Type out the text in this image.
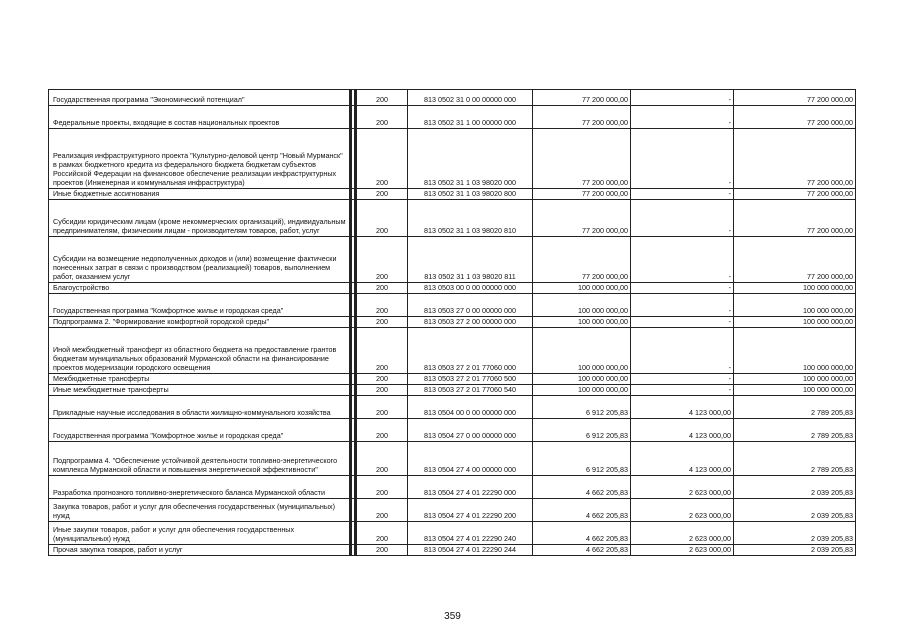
Государственная программа "Экономический потенциал"		200	813 0502 31 0 00 00000 000	77 200 000,00	-	77 200 000,00
Федеральные проекты, входящие в состав национальных проектов		200	813 0502 31 1 00 00000 000	77 200 000,00	-	77 200 000,00
Реализация инфраструктурного проекта "Культурно-деловой центр "Новый Мурманск" в рамках бюджетного кредита из федерального бюджета бюджетам субъектов Российской Федерации на финансовое обеспечение реализации инфраструктурных проектов (Инженерная и коммунальная инфраструктура)		200	813 0502 31 1 03 98020 000	77 200 000,00	-	77 200 000,00
Иные бюджетные ассигнования		200	813 0502 31 1 03 98020 800	77 200 000,00	-	77 200 000,00
Субсидии юридическим лицам (кроме некоммерческих организаций), индивидуальным предпринимателям, физическим лицам - производителям товаров, работ, услуг		200	813 0502 31 1 03 98020 810	77 200 000,00	-	77 200 000,00
Субсидии на возмещение недополученных доходов и (или) возмещение фактически понесенных затрат в связи с производством (реализацией) товаров, выполнением работ, оказанием услуг		200	813 0502 31 1 03 98020 811	77 200 000,00	-	77 200 000,00
Благоустройство		200	813 0503 00 0 00 00000 000	100 000 000,00	-	100 000 000,00
Государственная программа "Комфортное жилье и городская среда"		200	813 0503 27 0 00 00000 000	100 000 000,00	-	100 000 000,00
Подпрограмма 2. "Формирование комфортной городской среды"		200	813 0503 27 2 00 00000 000	100 000 000,00	-	100 000 000,00
Иной межбюджетный трансферт из областного бюджета на предоставление грантов бюджетам муниципальных образований Мурманской области на финансирование проектов модернизации городского освещения		200	813 0503 27 2 01 77060 000	100 000 000,00	-	100 000 000,00
Межбюджетные трансферты		200	813 0503 27 2 01 77060 500	100 000 000,00	-	100 000 000,00
Иные межбюджетные трансферты		200	813 0503 27 2 01 77060 540	100 000 000,00	-	100 000 000,00
Прикладные научные исследования в области жилищно-коммунального хозяйства		200	813 0504 00 0 00 00000 000	6 912 205,83	4 123 000,00	2 789 205,83
Государственная программа "Комфортное жилье и городская среда"		200	813 0504 27 0 00 00000 000	6 912 205,83	4 123 000,00	2 789 205,83
Подпрограмма 4. "Обеспечение устойчивой деятельности топливно-энергетического комплекса Мурманской области и повышения энергетической эффективности"		200	813 0504 27 4 00 00000 000	6 912 205,83	4 123 000,00	2 789 205,83
Разработка прогнозного топливно-энергетического баланса Мурманской области		200	813 0504 27 4 01 22290 000	4 662 205,83	2 623 000,00	2 039 205,83
Закупка товаров, работ и услуг для обеспечения государственных (муниципальных) нужд		200	813 0504 27 4 01 22290 200	4 662 205,83	2 623 000,00	2 039 205,83
Иные закупки товаров, работ и услуг для обеспечения государственных (муниципальных) нужд		200	813 0504 27 4 01 22290 240	4 662 205,83	2 623 000,00	2 039 205,83
Прочая закупка товаров, работ и услуг		200	813 0504 27 4 01 22290 244	4 662 205,83	2 623 000,00	2 039 205,83
359
